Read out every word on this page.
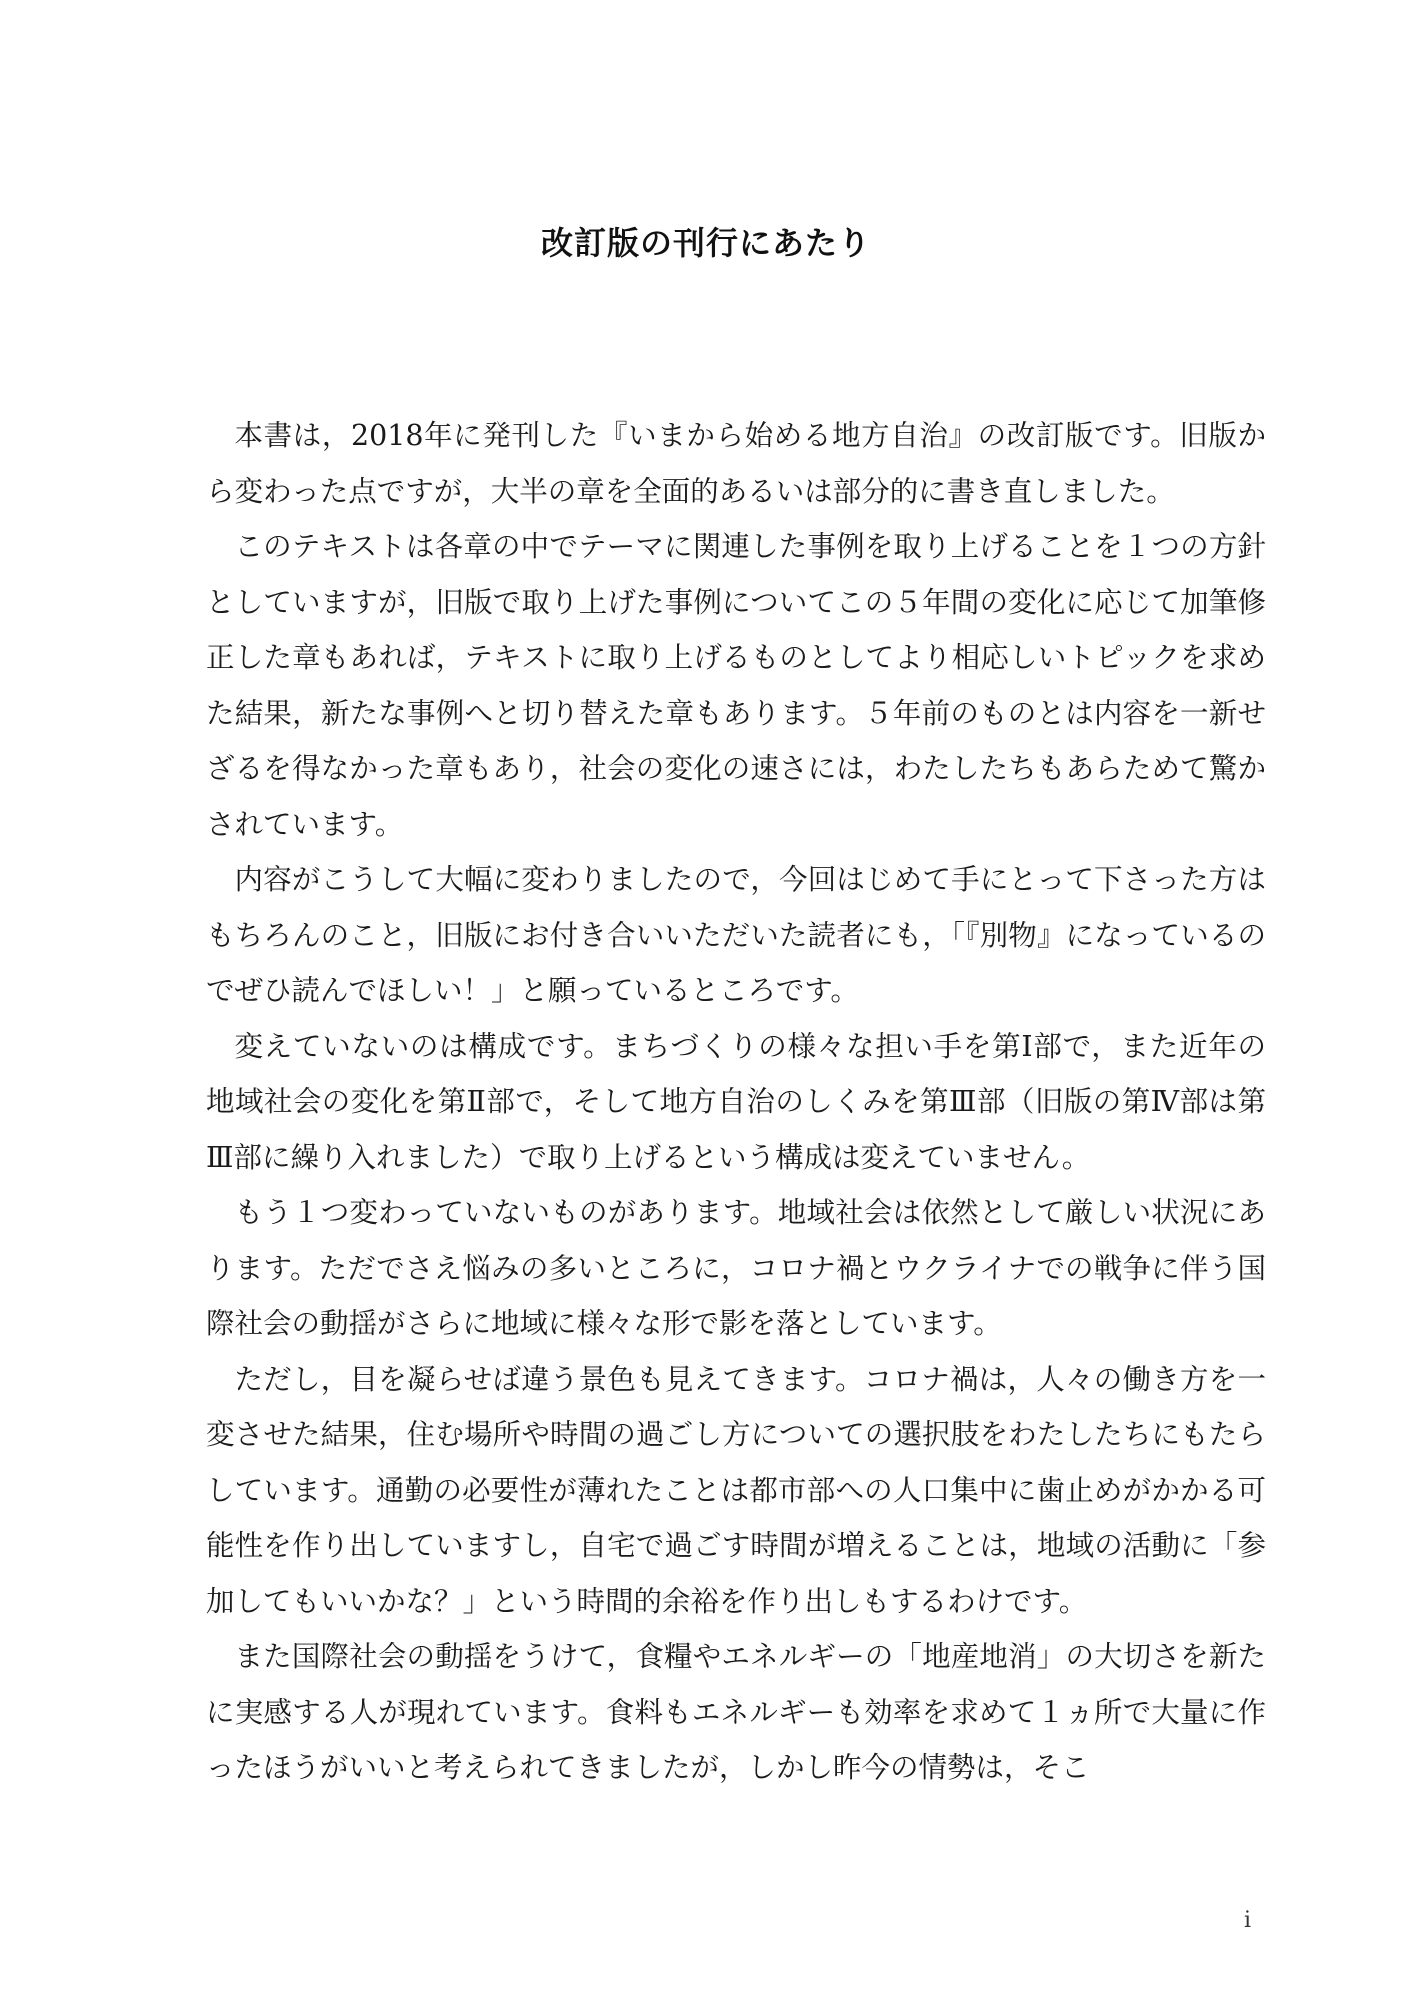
改訂版の刊行にあたり

本書は，2018年に発刊した『いまから始める地方自治』の改訂版です。旧版から変わった点ですが，大半の章を全面的あるいは部分的に書き直しました。

このテキストは各章の中でテーマに関連した事例を取り上げることを１つの方針としていますが，旧版で取り上げた事例についてこの５年間の変化に応じて加筆修正した章もあれば，テキストに取り上げるものとしてより相応しいトピックを求めた結果，新たな事例へと切り替えた章もあります。５年前のものとは内容を一新せざるを得なかった章もあり，社会の変化の速さには，わたしたちもあらためて驚かされています。

内容がこうして大幅に変わりましたので，今回はじめて手にとって下さった方はもちろんのこと，旧版にお付き合いいただいた読者にも，「『別物』になっているのでぜひ読んでほしい！」と願っているところです。

変えていないのは構成です。まちづくりの様々な担い手を第Ⅰ部で，また近年の地域社会の変化を第Ⅱ部で，そして地方自治のしくみを第Ⅲ部（旧版の第Ⅳ部は第Ⅲ部に繰り入れました）で取り上げるという構成は変えていません。

もう１つ変わっていないものがあります。地域社会は依然として厳しい状況にあります。ただでさえ悩みの多いところに，コロナ禍とウクライナでの戦争に伴う国際社会の動揺がさらに地域に様々な形で影を落としています。

ただし，目を凝らせば違う景色も見えてきます。コロナ禍は，人々の働き方を一変させた結果，住む場所や時間の過ごし方についての選択肢をわたしたちにもたらしています。通勤の必要性が薄れたことは都市部への人口集中に歯止めがかかる可能性を作り出していますし，自宅で過ごす時間が増えることは，地域の活動に「参加してもいいかな？」という時間的余裕を作り出しもするわけです。

また国際社会の動揺をうけて，食糧やエネルギーの「地産地消」の大切さを新たに実感する人が現れています。食料もエネルギーも効率を求めて１ヵ所で大量に作ったほうがいいと考えられてきましたが，しかし昨今の情勢は，そこ

i
